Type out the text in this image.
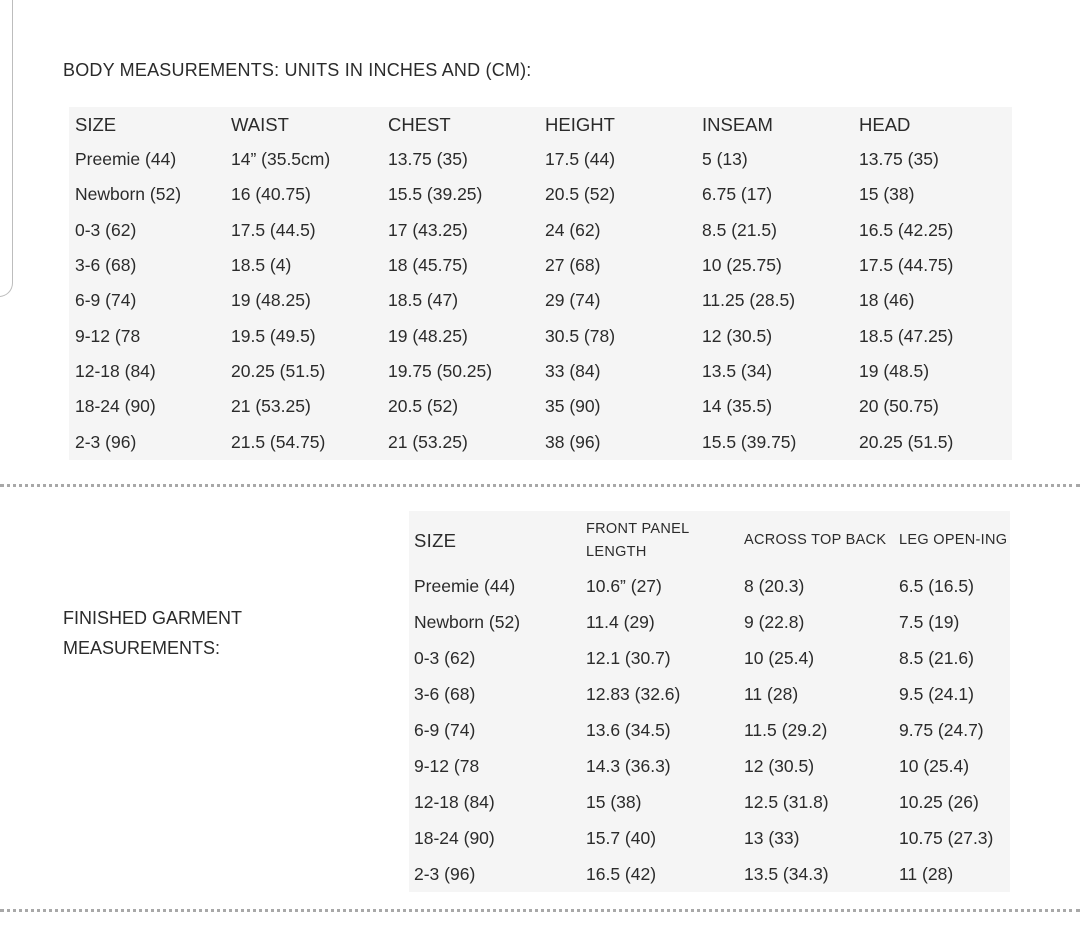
BODY MEASUREMENTS: UNITS IN INCHES AND (CM):
SIZE	WAIST	CHEST	HEIGHT	INSEAM	HEAD
Preemie (44)	14” (35.5cm)	13.75 (35)	17.5 (44)	5 (13)	13.75 (35)
Newborn (52)	16 (40.75)	15.5 (39.25)	20.5 (52)	6.75 (17)	15 (38)
0-3 (62)	17.5 (44.5)	17 (43.25)	24 (62)	8.5 (21.5)	16.5 (42.25)
3-6 (68)	18.5 (4)	18 (45.75)	27 (68)	10 (25.75)	17.5 (44.75)
6-9 (74)	19 (48.25)	18.5 (47)	29 (74)	11.25 (28.5)	18 (46)
9-12 (78	19.5 (49.5)	19 (48.25)	30.5 (78)	12 (30.5)	18.5 (47.25)
12-18 (84)	20.25 (51.5)	19.75 (50.25)	33 (84)	13.5 (34)	19 (48.5)
18-24 (90)	21 (53.25)	20.5 (52)	35 (90)	14 (35.5)	20 (50.75)
2-3 (96)	21.5 (54.75)	21 (53.25)	38 (96)	15.5 (39.75)	20.25 (51.5)
FINISHED GARMENT
MEASUREMENTS:
SIZE	FRONT PANEL LENGTH	ACROSS TOP BACK	LEG OPEN-ING
Preemie (44)	10.6” (27)	8 (20.3)	6.5 (16.5)
Newborn (52)	11.4 (29)	9 (22.8)	7.5 (19)
0-3 (62)	12.1 (30.7)	10 (25.4)	8.5 (21.6)
3-6 (68)	12.83 (32.6)	11 (28)	9.5 (24.1)
6-9 (74)	13.6 (34.5)	11.5 (29.2)	9.75 (24.7)
9-12 (78	14.3 (36.3)	12 (30.5)	10 (25.4)
12-18 (84)	15 (38)	12.5 (31.8)	10.25 (26)
18-24 (90)	15.7 (40)	13 (33)	10.75 (27.3)
2-3 (96)	16.5 (42)	13.5 (34.3)	11 (28)
